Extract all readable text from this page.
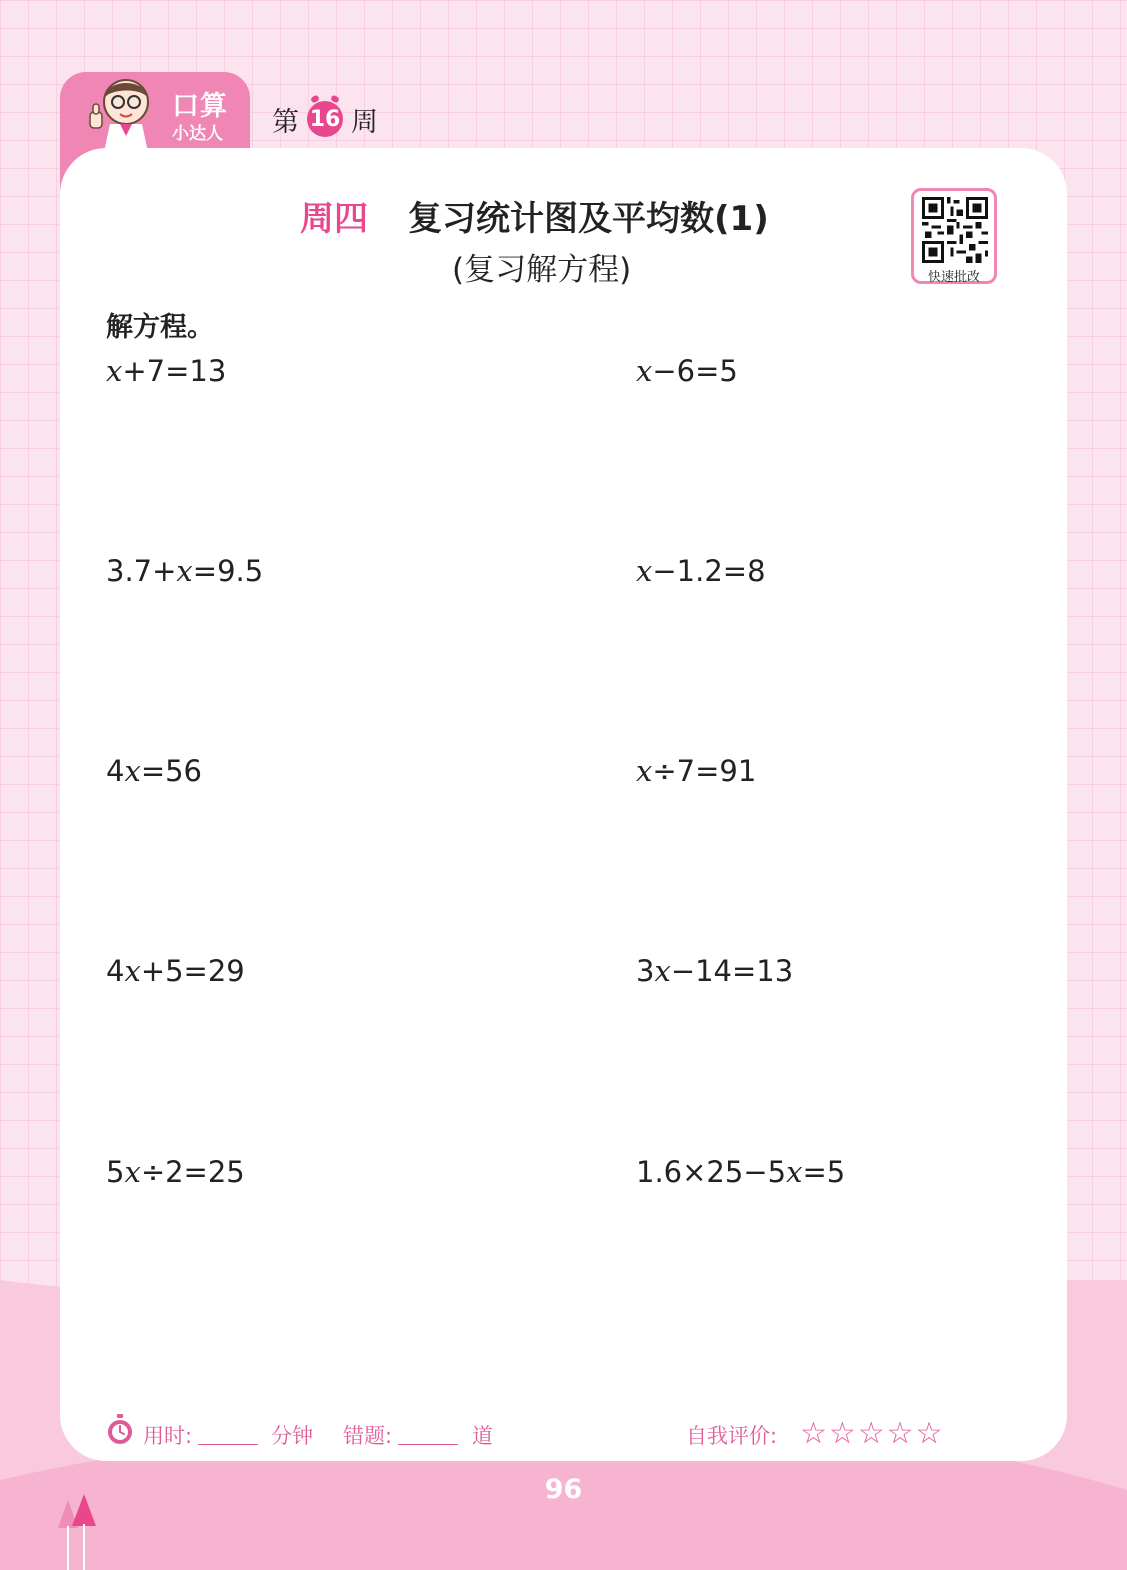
口算
小达人 第 16 周
周四 复习统计图及平均数(1)
(复习解方程)	快速批改
解方程。
x+7=13	x−6=5
3.7+x=9.5	x−1.2=8
4x=56	x÷7=91
4x+5=29	3x−14=13
5x÷2=25	1.6×25−5x=5
用时:	分钟 错题:	道	自我评价: ☆☆☆☆☆
96
